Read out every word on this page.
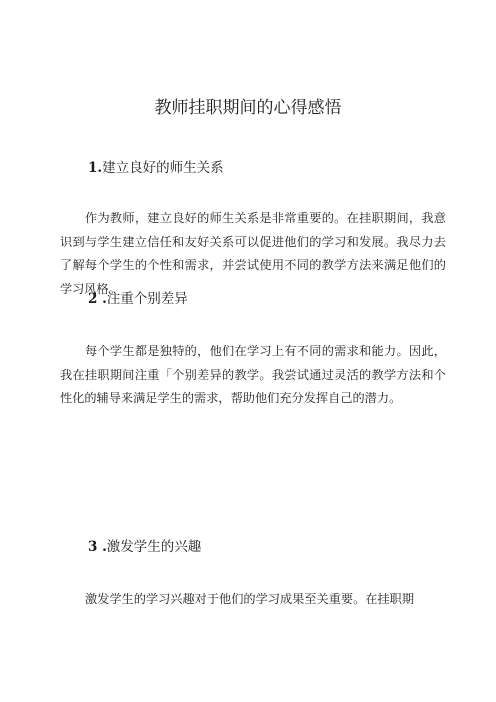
教师挂职期间的心得感悟
1.建立良好的师生关系

作为教师，建立良好的师生关系是非常重要的。在挂职期间，我意识到与学生建立信任和友好关系可以促进他们的学习和发展。我尽力去了解每个学生的个性和需求，并尝试使用不同的教学方法来满足他们的学习风格。

2 .注重个别差异

每个学生都是独特的，他们在学习上有不同的需求和能力。因此，我在挂职期间注重「个别差异的教学。我尝试通过灵活的教学方法和个性化的辅导来满足学生的需求，帮助他们充分发挥自己的潜力。

3 .激发学生的兴趣

激发学生的学习兴趣对于他们的学习成果至关重要。在挂职期
